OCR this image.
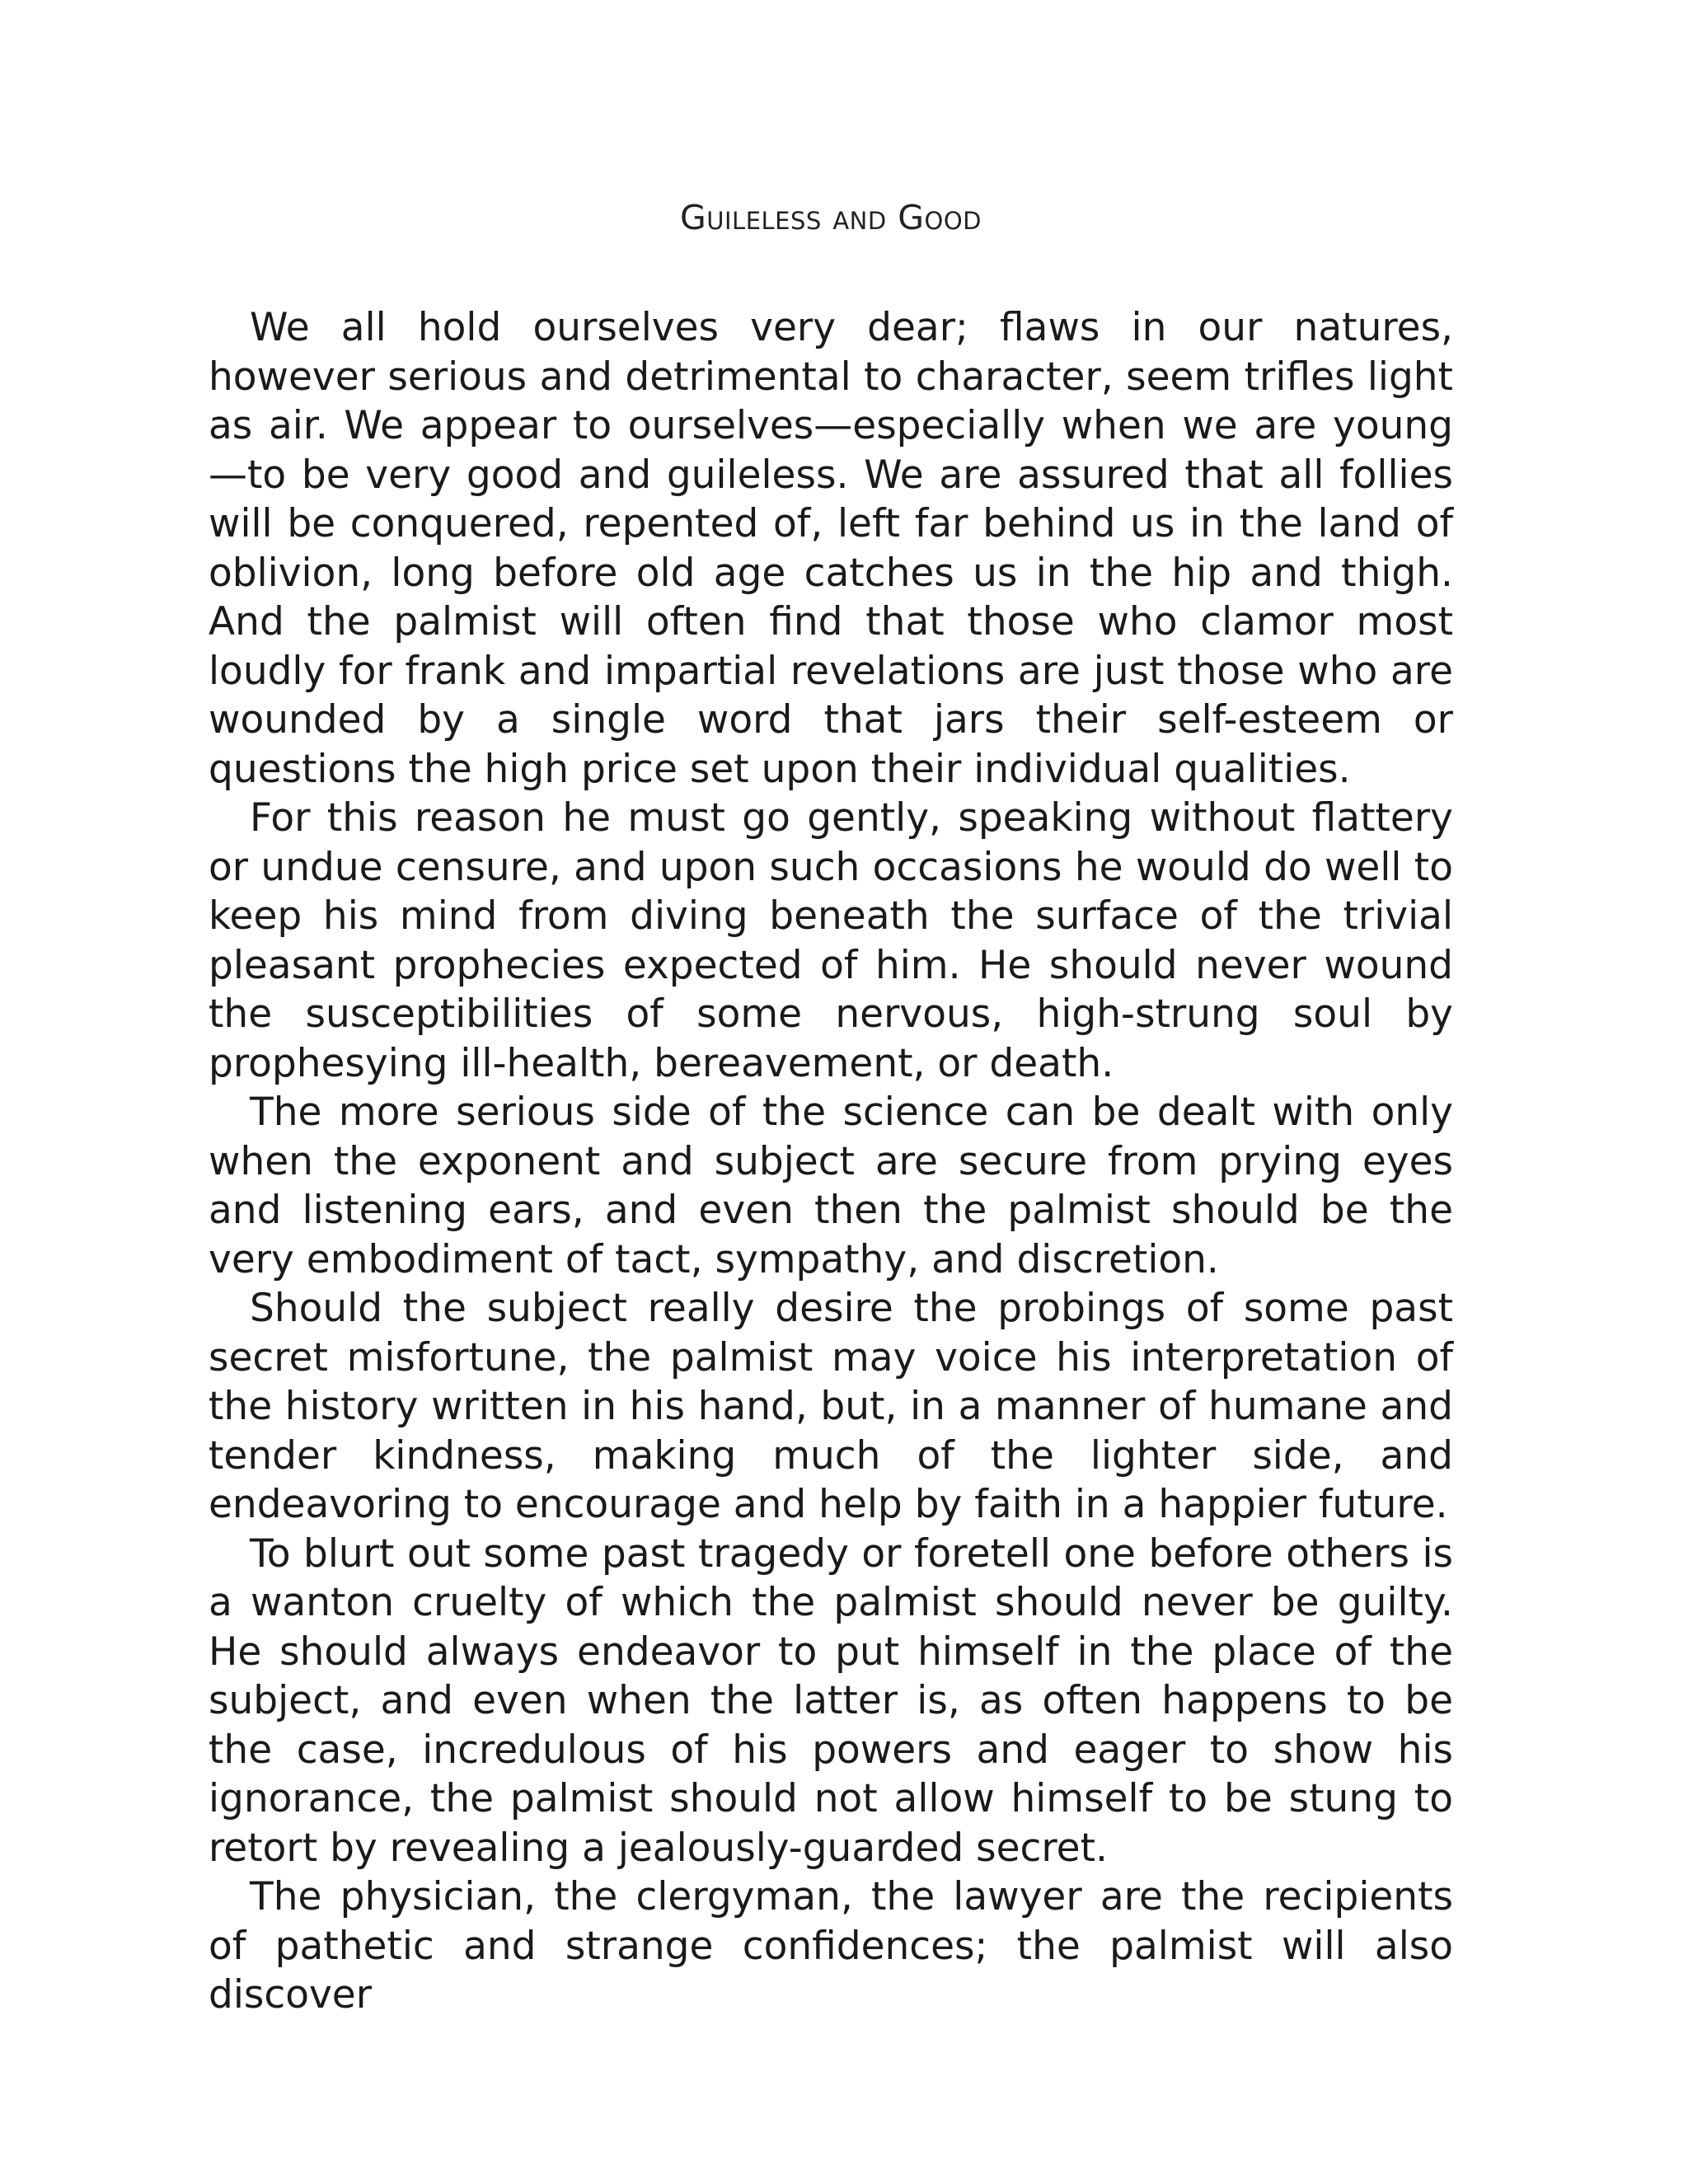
Guileless and Good

We all hold ourselves very dear; flaws in our natures, however serious and detrimental to character, seem trifles light as air. We appear to ourselves—especially when we are young—to be very good and guileless. We are assured that all follies will be conquered, repented of, left far behind us in the land of oblivion, long before old age catches us in the hip and thigh. And the palmist will often find that those who clamor most loudly for frank and impartial revelations are just those who are wounded by a single word that jars their self-esteem or questions the high price set upon their individual qualities.

For this reason he must go gently, speaking without flattery or undue censure, and upon such occasions he would do well to keep his mind from diving beneath the surface of the trivial pleasant prophecies expected of him. He should never wound the susceptibilities of some nervous, high-strung soul by prophesying ill-health, bereavement, or death.

The more serious side of the science can be dealt with only when the exponent and subject are secure from prying eyes and listening ears, and even then the palmist should be the very embodiment of tact, sympathy, and discretion.

Should the subject really desire the probings of some past secret misfortune, the palmist may voice his interpretation of the history written in his hand, but, in a manner of humane and tender kindness, making much of the lighter side, and endeavoring to encourage and help by faith in a happier future.

To blurt out some past tragedy or foretell one before others is a wanton cruelty of which the palmist should never be guilty. He should always endeavor to put himself in the place of the subject, and even when the latter is, as often happens to be the case, incredulous of his powers and eager to show his ignorance, the palmist should not allow himself to be stung to retort by revealing a jealously-guarded secret.

The physician, the clergyman, the lawyer are the recipients of pathetic and strange confidences; the palmist will also discover
